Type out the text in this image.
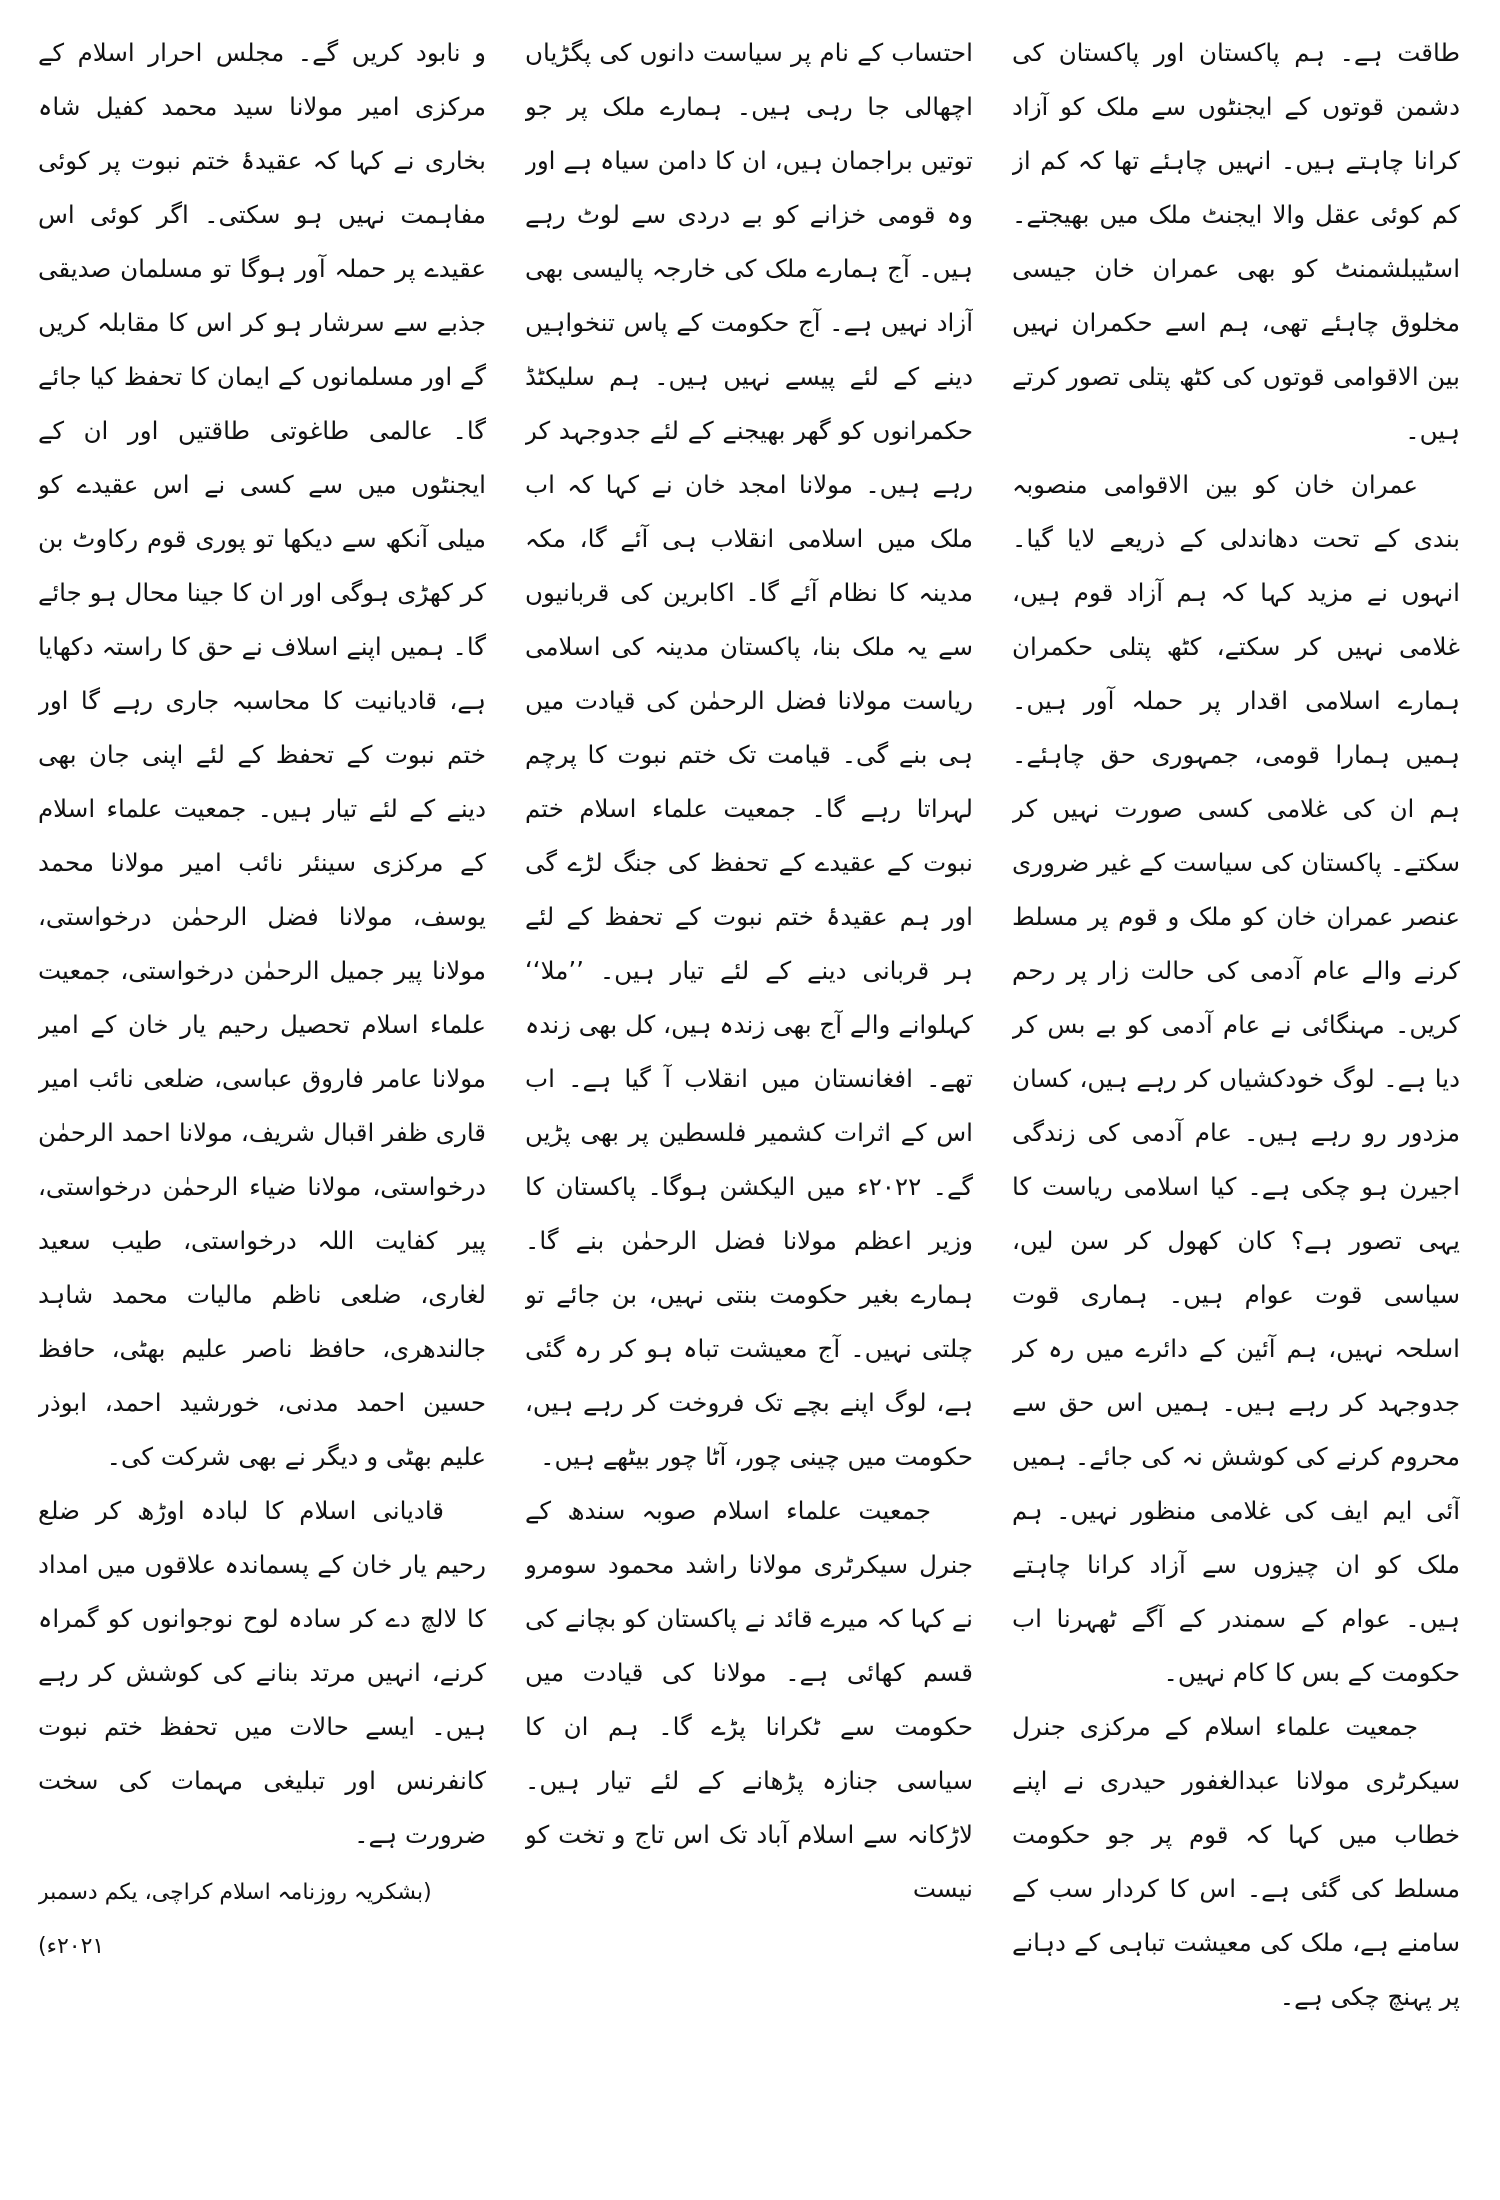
طاقت ہے۔ ہم پاکستان اور پاکستان کی دشمن قوتوں کے ایجنٹوں سے ملک کو آزاد کرانا چاہتے ہیں۔ انہیں چاہئے تھا کہ کم از کم کوئی عقل والا ایجنٹ ملک میں بھیجتے۔ اسٹیبلشمنٹ کو بھی عمران خان جیسی مخلوق چاہئے تھی، ہم اسے حکمران نہیں بین الاقوامی قوتوں کی کٹھ پتلی تصور کرتے ہیں۔

عمران خان کو بین الاقوامی منصوبہ بندی کے تحت دھاندلی کے ذریعے لایا گیا۔ انہوں نے مزید کہا کہ ہم آزاد قوم ہیں، غلامی نہیں کر سکتے، کٹھ پتلی حکمران ہمارے اسلامی اقدار پر حملہ آور ہیں۔ ہمیں ہمارا قومی، جمہوری حق چاہئے۔ ہم ان کی غلامی کسی صورت نہیں کر سکتے۔ پاکستان کی سیاست کے غیر ضروری عنصر عمران خان کو ملک و قوم پر مسلط کرنے والے عام آدمی کی حالت زار پر رحم کریں۔ مہنگائی نے عام آدمی کو بے بس کر دیا ہے۔ لوگ خودکشیاں کر رہے ہیں، کسان مزدور رو رہے ہیں۔ عام آدمی کی زندگی اجیرن ہو چکی ہے۔ کیا اسلامی ریاست کا یہی تصور ہے؟ کان کھول کر سن لیں، سیاسی قوت عوام ہیں۔ ہماری قوت اسلحہ نہیں، ہم آئین کے دائرے میں رہ کر جدوجہد کر رہے ہیں۔ ہمیں اس حق سے محروم کرنے کی کوشش نہ کی جائے۔ ہمیں آئی ایم ایف کی غلامی منظور نہیں۔ ہم ملک کو ان چیزوں سے آزاد کرانا چاہتے ہیں۔ عوام کے سمندر کے آگے ٹھہرنا اب حکومت کے بس کا کام نہیں۔

جمعیت علماء اسلام کے مرکزی جنرل سیکرٹری مولانا عبدالغفور حیدری نے اپنے خطاب میں کہا کہ قوم پر جو حکومت مسلط کی گئی ہے۔ اس کا کردار سب کے سامنے ہے، ملک کی معیشت تباہی کے دہانے پر پہنچ چکی ہے۔

احتساب کے نام پر سیاست دانوں کی پگڑیاں اچھالی جا رہی ہیں۔ ہمارے ملک پر جو توتیں براجمان ہیں، ان کا دامن سیاہ ہے اور وہ قومی خزانے کو بے دردی سے لوٹ رہے ہیں۔ آج ہمارے ملک کی خارجہ پالیسی بھی آزاد نہیں ہے۔ آج حکومت کے پاس تنخواہیں دینے کے لئے پیسے نہیں ہیں۔ ہم سلیکٹڈ حکمرانوں کو گھر بھیجنے کے لئے جدوجہد کر رہے ہیں۔ مولانا امجد خان نے کہا کہ اب ملک میں اسلامی انقلاب ہی آئے گا، مکہ مدینہ کا نظام آئے گا۔ اکابرین کی قربانیوں سے یہ ملک بنا، پاکستان مدینہ کی اسلامی ریاست مولانا فضل الرحمٰن کی قیادت میں ہی بنے گی۔ قیامت تک ختم نبوت کا پرچم لہراتا رہے گا۔ جمعیت علماء اسلام ختم نبوت کے عقیدے کے تحفظ کی جنگ لڑے گی اور ہم عقیدۂ ختم نبوت کے تحفظ کے لئے ہر قربانی دینے کے لئے تیار ہیں۔ ’’ملا‘‘ کہلوانے والے آج بھی زندہ ہیں، کل بھی زندہ تھے۔ افغانستان میں انقلاب آ گیا ہے۔ اب اس کے اثرات کشمیر فلسطین پر بھی پڑیں گے۔ ۲۰۲۲ء میں الیکشن ہوگا۔ پاکستان کا وزیر اعظم مولانا فضل الرحمٰن بنے گا۔ ہمارے بغیر حکومت بنتی نہیں، بن جائے تو چلتی نہیں۔ آج معیشت تباہ ہو کر رہ گئی ہے، لوگ اپنے بچے تک فروخت کر رہے ہیں، حکومت میں چینی چور، آٹا چور بیٹھے ہیں۔

جمعیت علماء اسلام صوبہ سندھ کے جنرل سیکرٹری مولانا راشد محمود سومرو نے کہا کہ میرے قائد نے پاکستان کو بچانے کی قسم کھائی ہے۔ مولانا کی قیادت میں حکومت سے ٹکرانا پڑے گا۔ ہم ان کا سیاسی جنازہ پڑھانے کے لئے تیار ہیں۔ لاڑکانہ سے اسلام آباد تک اس تاج و تخت کو نیست

و نابود کریں گے۔ مجلس احرار اسلام کے مرکزی امیر مولانا سید محمد کفیل شاہ بخاری نے کہا کہ عقیدۂ ختم نبوت پر کوئی مفاہمت نہیں ہو سکتی۔ اگر کوئی اس عقیدے پر حملہ آور ہوگا تو مسلمان صدیقی جذبے سے سرشار ہو کر اس کا مقابلہ کریں گے اور مسلمانوں کے ایمان کا تحفظ کیا جائے گا۔ عالمی طاغوتی طاقتیں اور ان کے ایجنٹوں میں سے کسی نے اس عقیدے کو میلی آنکھ سے دیکھا تو پوری قوم رکاوٹ بن کر کھڑی ہوگی اور ان کا جینا محال ہو جائے گا۔ ہمیں اپنے اسلاف نے حق کا راستہ دکھایا ہے، قادیانیت کا محاسبہ جاری رہے گا اور ختم نبوت کے تحفظ کے لئے اپنی جان بھی دینے کے لئے تیار ہیں۔ جمعیت علماء اسلام کے مرکزی سینئر نائب امیر مولانا محمد یوسف، مولانا فضل الرحمٰن درخواستی، مولانا پیر جمیل الرحمٰن درخواستی، جمعیت علماء اسلام تحصیل رحیم یار خان کے امیر مولانا عامر فاروق عباسی، ضلعی نائب امیر قاری ظفر اقبال شریف، مولانا احمد الرحمٰن درخواستی، مولانا ضیاء الرحمٰن درخواستی، پیر کفایت اللہ درخواستی، طیب سعید لغاری، ضلعی ناظم مالیات محمد شاہد جالندھری، حافظ ناصر علیم بھٹی، حافظ حسین احمد مدنی، خورشید احمد، ابوذر علیم بھٹی و دیگر نے بھی شرکت کی۔

قادیانی اسلام کا لبادہ اوڑھ کر ضلع رحیم یار خان کے پسماندہ علاقوں میں امداد کا لالچ دے کر سادہ لوح نوجوانوں کو گمراہ کرنے، انہیں مرتد بنانے کی کوشش کر رہے ہیں۔ ایسے حالات میں تحفظ ختم نبوت کانفرنس اور تبلیغی مہمات کی سخت ضرورت ہے۔

(بشکریہ روزنامہ اسلام کراچی، یکم دسمبر ۲۰۲۱ء)
